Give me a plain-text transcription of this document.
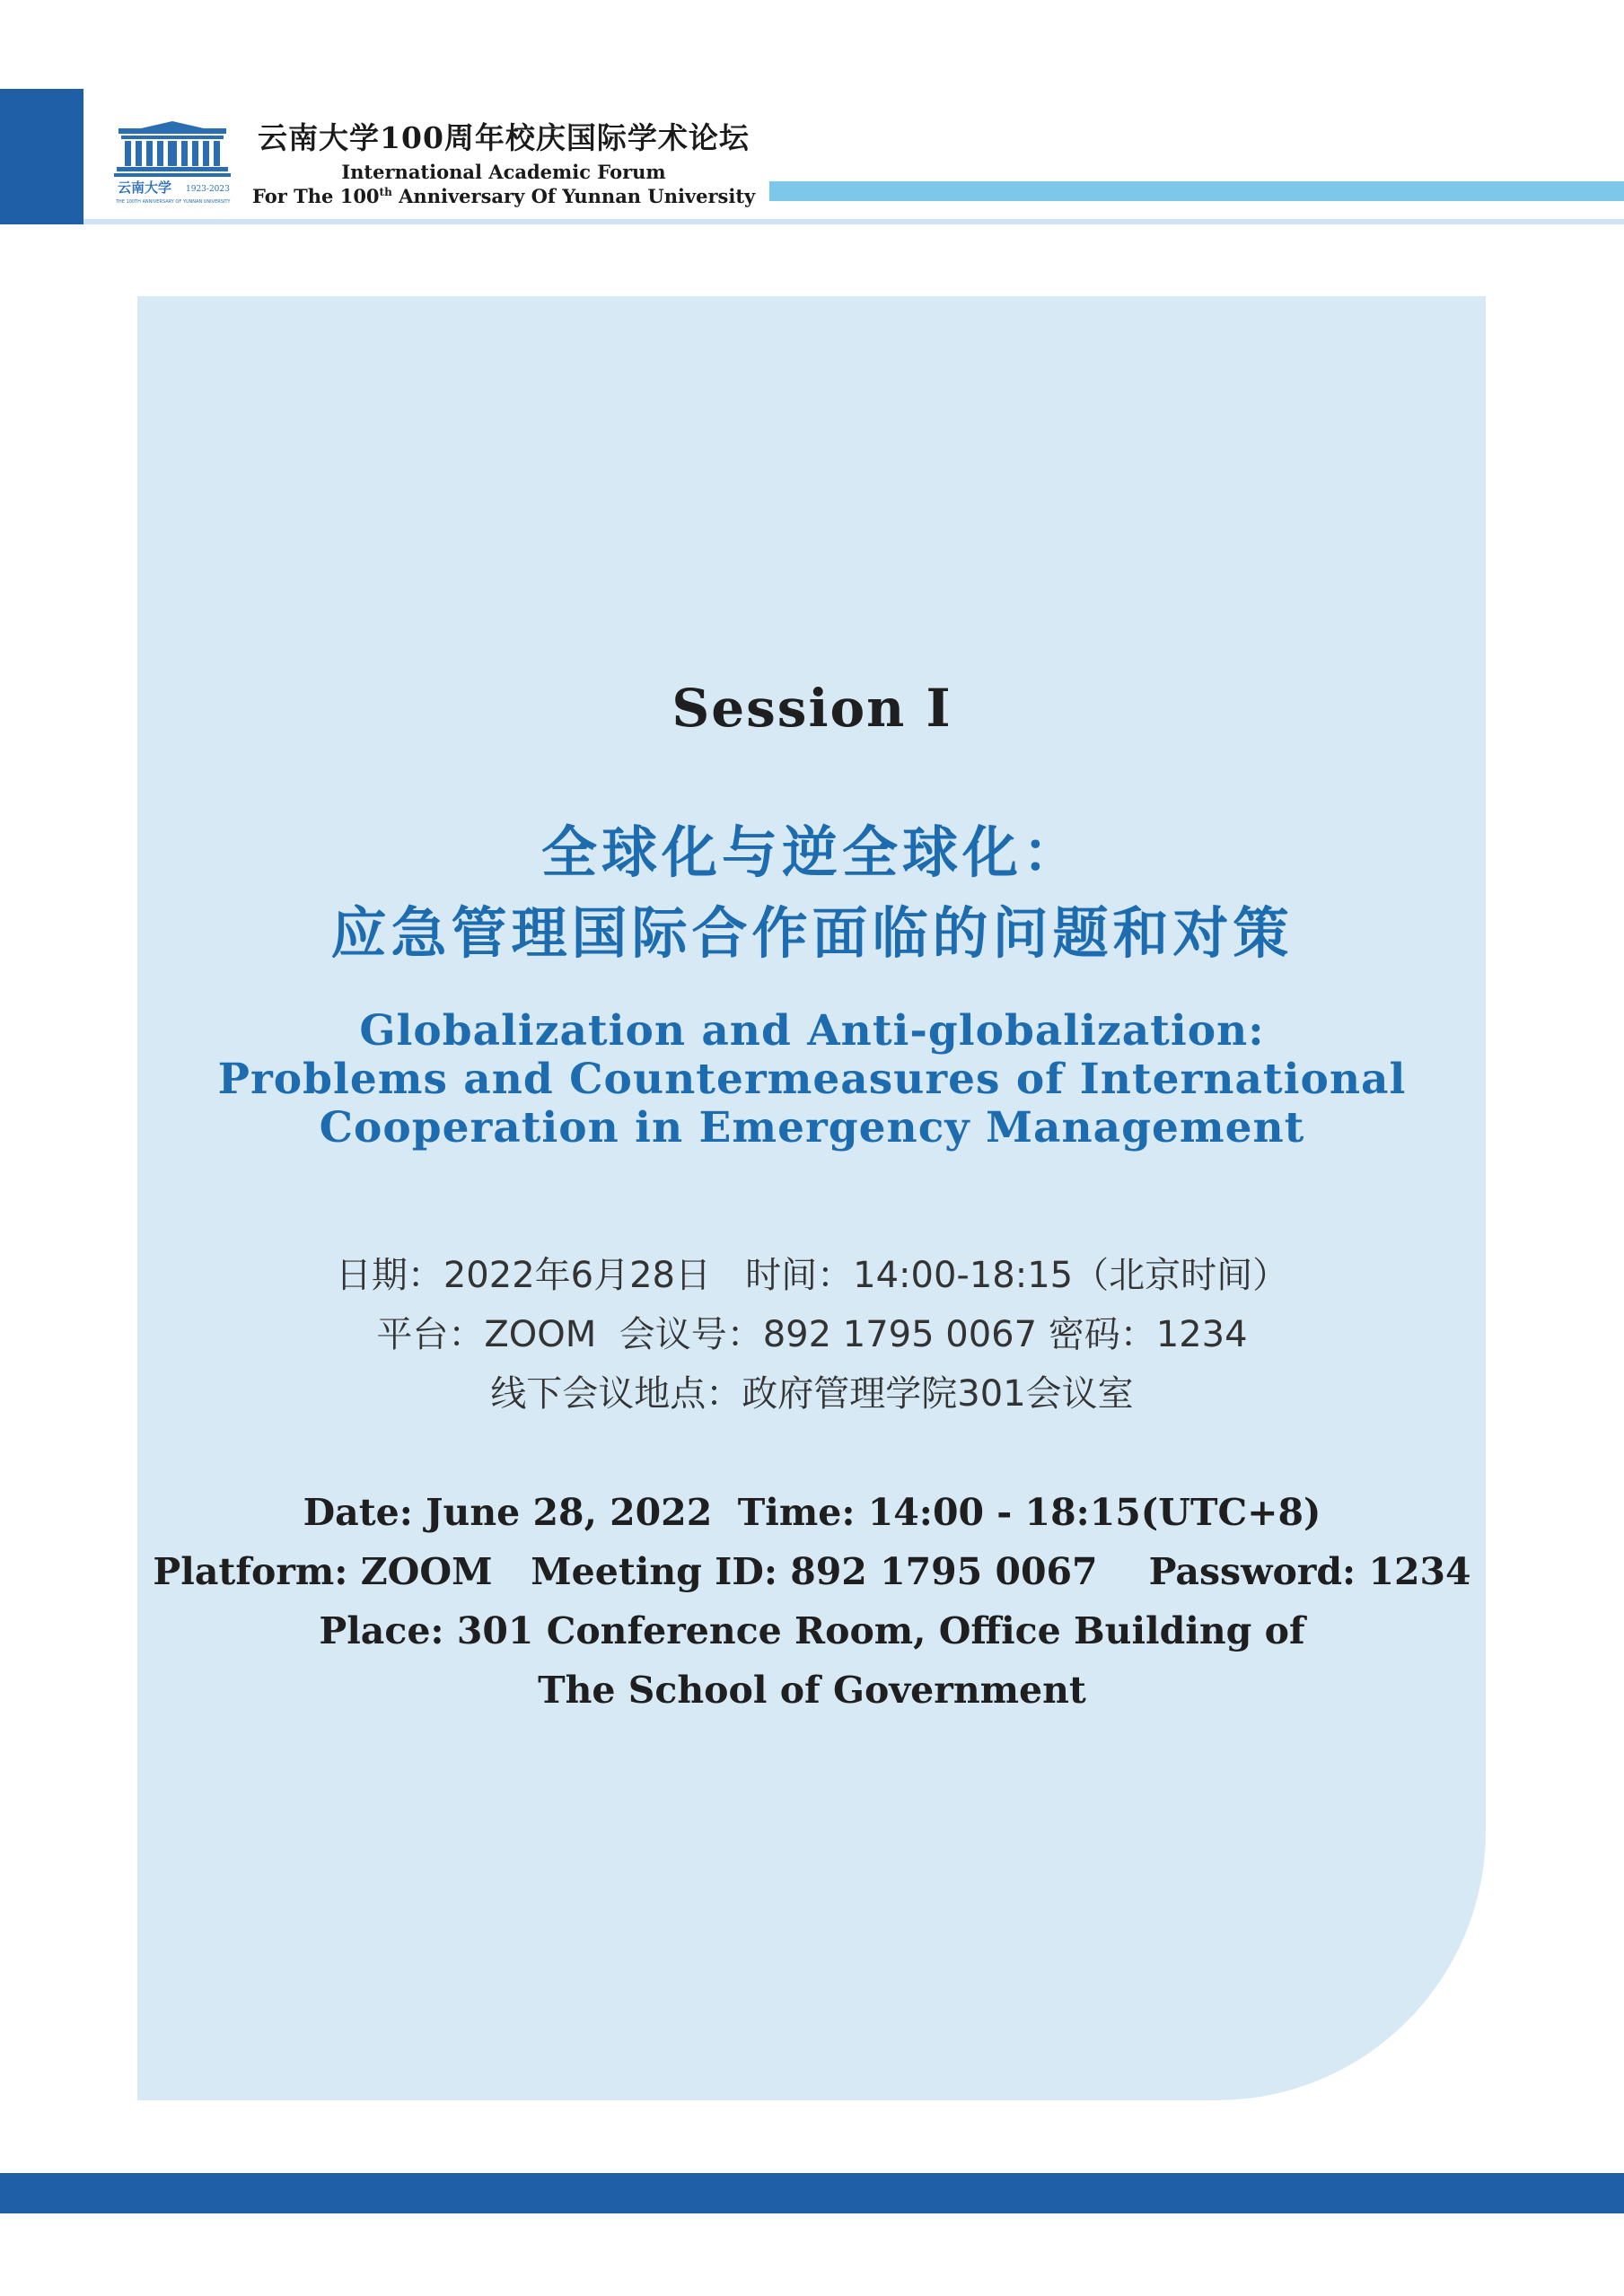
云南大学 1923-2023
THE 100TH ANNIVERSARY OF YUNNAN UNIVERSITY
云南大学100周年校庆国际学术论坛
International Academic Forum
For The 100th Anniversary Of Yunnan University
Session I
全球化与逆全球化：
应急管理国际合作面临的问题和对策
Globalization and Anti-globalization:
Problems and Countermeasures of International
Cooperation in Emergency Management
日期：2022年6月28日   时间：14:00-18:15（北京时间）
平台：ZOOM  会议号：892 1795 0067 密码：1234
线下会议地点：政府管理学院301会议室
Date: June 28, 2022  Time: 14:00 - 18:15(UTC+8)
Platform: ZOOM   Meeting ID: 892 1795 0067    Password: 1234
Place: 301 Conference Room, Office Building of
The School of Government
